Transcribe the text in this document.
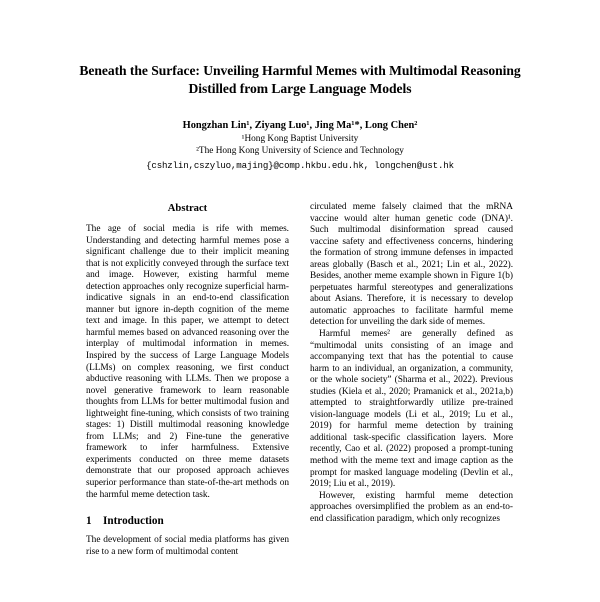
Beneath the Surface: Unveiling Harmful Memes with Multimodal Reasoning Distilled from Large Language Models
Hongzhan Lin¹, Ziyang Luo¹, Jing Ma¹*, Long Chen²
¹Hong Kong Baptist University
²The Hong Kong University of Science and Technology
{cshzlin,cszyluo,majing}@comp.hkbu.edu.hk, longchen@ust.hk
Abstract

The age of social media is rife with memes. Understanding and detecting harmful memes pose a significant challenge due to their implicit meaning that is not explicitly conveyed through the surface text and image. However, existing harmful meme detection approaches only recognize superficial harm-indicative signals in an end-to-end classification manner but ignore in-depth cognition of the meme text and image. In this paper, we attempt to detect harmful memes based on advanced reasoning over the interplay of multimodal information in memes. Inspired by the success of Large Language Models (LLMs) on complex reasoning, we first conduct abductive reasoning with LLMs. Then we propose a novel generative framework to learn reasonable thoughts from LLMs for better multimodal fusion and lightweight fine-tuning, which consists of two training stages: 1) Distill multimodal reasoning knowledge from LLMs; and 2) Fine-tune the generative framework to infer harmfulness. Extensive experiments conducted on three meme datasets demonstrate that our proposed approach achieves superior performance than state-of-the-art methods on the harmful meme detection task.

1 Introduction

The development of social media platforms has given rise to a new form of multimodal content

circulated meme falsely claimed that the mRNA vaccine would alter human genetic code (DNA)¹. Such multimodal disinformation spread caused vaccine safety and effectiveness concerns, hindering the formation of strong immune defenses in impacted areas globally (Basch et al., 2021; Lin et al., 2022). Besides, another meme example shown in Figure 1(b) perpetuates harmful stereotypes and generalizations about Asians. Therefore, it is necessary to develop automatic approaches to facilitate harmful meme detection for unveiling the dark side of memes.

Harmful memes² are generally defined as “multimodal units consisting of an image and accompanying text that has the potential to cause harm to an individual, an organization, a community, or the whole society” (Sharma et al., 2022). Previous studies (Kiela et al., 2020; Pramanick et al., 2021a,b) attempted to straightforwardly utilize pre-trained vision-language models (Li et al., 2019; Lu et al., 2019) for harmful meme detection by training additional task-specific classification layers. More recently, Cao et al. (2022) proposed a prompt-tuning method with the meme text and image caption as the prompt for masked language modeling (Devlin et al., 2019; Liu et al., 2019).

However, existing harmful meme detection approaches oversimplified the problem as an end-to-end classification paradigm, which only recognizes
